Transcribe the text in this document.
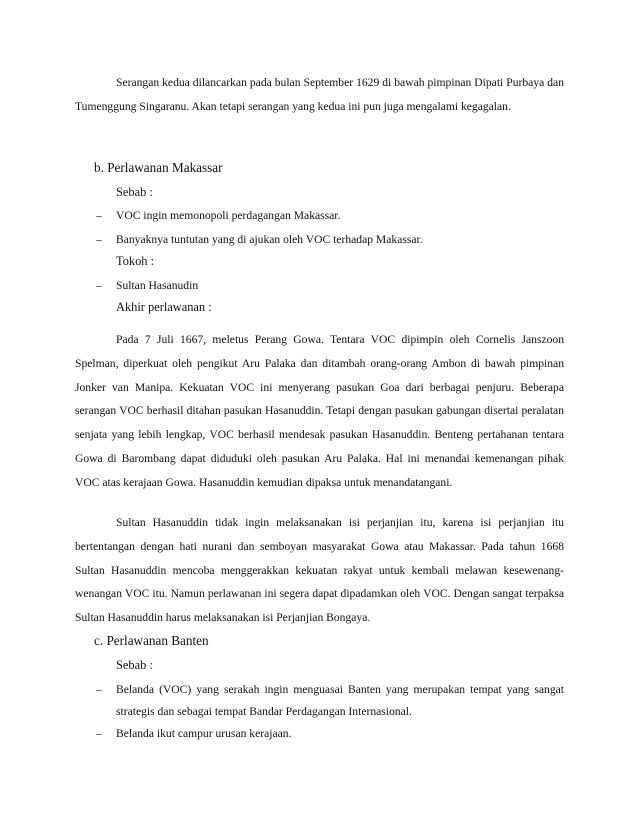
Serangan kedua dilancarkan pada bulan September 1629 di bawah pimpinan Dipati Purbaya dan Tumenggung Singaranu. Akan tetapi serangan yang kedua ini pun juga mengalami kegagalan.

b. Perlawanan Makassar

Sebab :

– VOC ingin memonopoli perdagangan Makassar.
– Banyaknya tuntutan yang di ajukan oleh VOC terhadap Makassar.

Tokoh :

– Sultan Hasanudin

Akhir perlawanan :

Pada 7 Juli 1667, meletus Perang Gowa. Tentara VOC dipimpin oleh Cornelis Janszoon Spelman, diperkuat oleh pengikut Aru Palaka dan ditambah orang-orang Ambon di bawah pimpinan Jonker van Manipa. Kekuatan VOC ini menyerang pasukan Goa dari berbagai penjuru. Beberapa serangan VOC berhasil ditahan pasukan Hasanuddin. Tetapi dengan pasukan gabungan disertai peralatan senjata yang lebih lengkap, VOC berhasil mendesak pasukan Hasanuddin. Benteng pertahanan tentara Gowa di Barombang dapat diduduki oleh pasukan Aru Palaka. Hal ini menandai kemenangan pihak VOC atas kerajaan Gowa. Hasanuddin kemudian dipaksa untuk menandatangani.

Sultan Hasanuddin tidak ingin melaksanakan isi perjanjian itu, karena isi perjanjian itu bertentangan dengan hati nurani dan semboyan masyarakat Gowa atau Makassar. Pada tahun 1668 Sultan Hasanuddin mencoba menggerakkan kekuatan rakyat untuk kembali melawan kesewenang-wenangan VOC itu. Namun perlawanan ini segera dapat dipadamkan oleh VOC. Dengan sangat terpaksa Sultan Hasanuddin harus melaksanakan isi Perjanjian Bongaya.

c. Perlawanan Banten

Sebab :

– Belanda (VOC) yang serakah ingin menguasai Banten yang merupakan tempat yang sangat strategis dan sebagai tempat Bandar Perdagangan Internasional.
– Belanda ikut campur urusan kerajaan.
